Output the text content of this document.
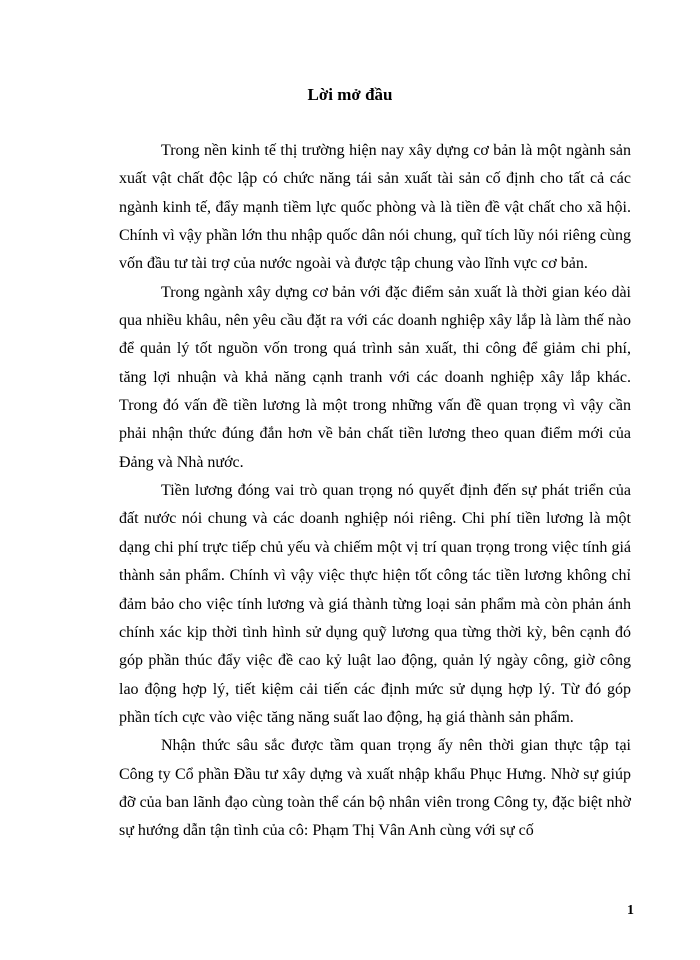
Lời mở đầu

Trong nền kinh tế thị trường hiện nay xây dựng cơ bản là một ngành sản xuất vật chất độc lập có chức năng tái sản xuất tài sản cố định cho tất cả các ngành kinh tế, đẩy mạnh tiềm lực quốc phòng và là tiền đề vật chất cho xã hội. Chính vì vậy phần lớn thu nhập quốc dân nói chung, quĩ tích lũy nói riêng cùng vốn đầu tư tài trợ của nước ngoài và được tập chung vào lĩnh vực cơ bản.

Trong ngành xây dựng cơ bản với đặc điểm sản xuất là thời gian kéo dài qua nhiều khâu, nên yêu cầu đặt ra với các doanh nghiệp xây lắp là làm thế nào để quản lý tốt nguồn vốn trong quá trình sản xuất, thi công để giảm chi phí, tăng lợi nhuận và khả năng cạnh tranh với các doanh nghiệp xây lắp khác. Trong đó vấn đề tiền lương là một trong những vấn đề quan trọng vì vậy cần phải nhận thức đúng đắn hơn về bản chất tiền lương theo quan điểm mới của Đảng và Nhà nước.

Tiền lương đóng vai trò quan trọng nó quyết định đến sự phát triển của đất nước nói chung và các doanh nghiệp nói riêng. Chi phí tiền lương là một dạng chi phí trực tiếp chủ yếu và chiếm một vị trí quan trọng trong việc tính giá thành sản phẩm. Chính vì vậy việc thực hiện tốt công tác tiền lương không chỉ đảm bảo cho việc tính lương và giá thành từng loại sản phẩm mà còn phản ánh chính xác kịp thời tình hình sử dụng quỹ lương qua từng thời kỳ, bên cạnh đó góp phần thúc đẩy việc đề cao kỷ luật lao động, quản lý ngày công, giờ công lao động hợp lý, tiết kiệm cải tiến các định mức sử dụng hợp lý. Từ đó góp phần tích cực vào việc tăng năng suất lao động, hạ giá thành sản phẩm.

Nhận thức sâu sắc được tầm quan trọng ấy nên thời gian thực tập tại Công ty Cổ phần Đầu tư xây dựng và xuất nhập khẩu Phục Hưng. Nhờ sự giúp đỡ của ban lãnh đạo cùng toàn thể cán bộ nhân viên trong Công ty, đặc biệt nhờ sự hướng dẫn tận tình của cô: Phạm Thị Vân Anh cùng với sự cố

1
